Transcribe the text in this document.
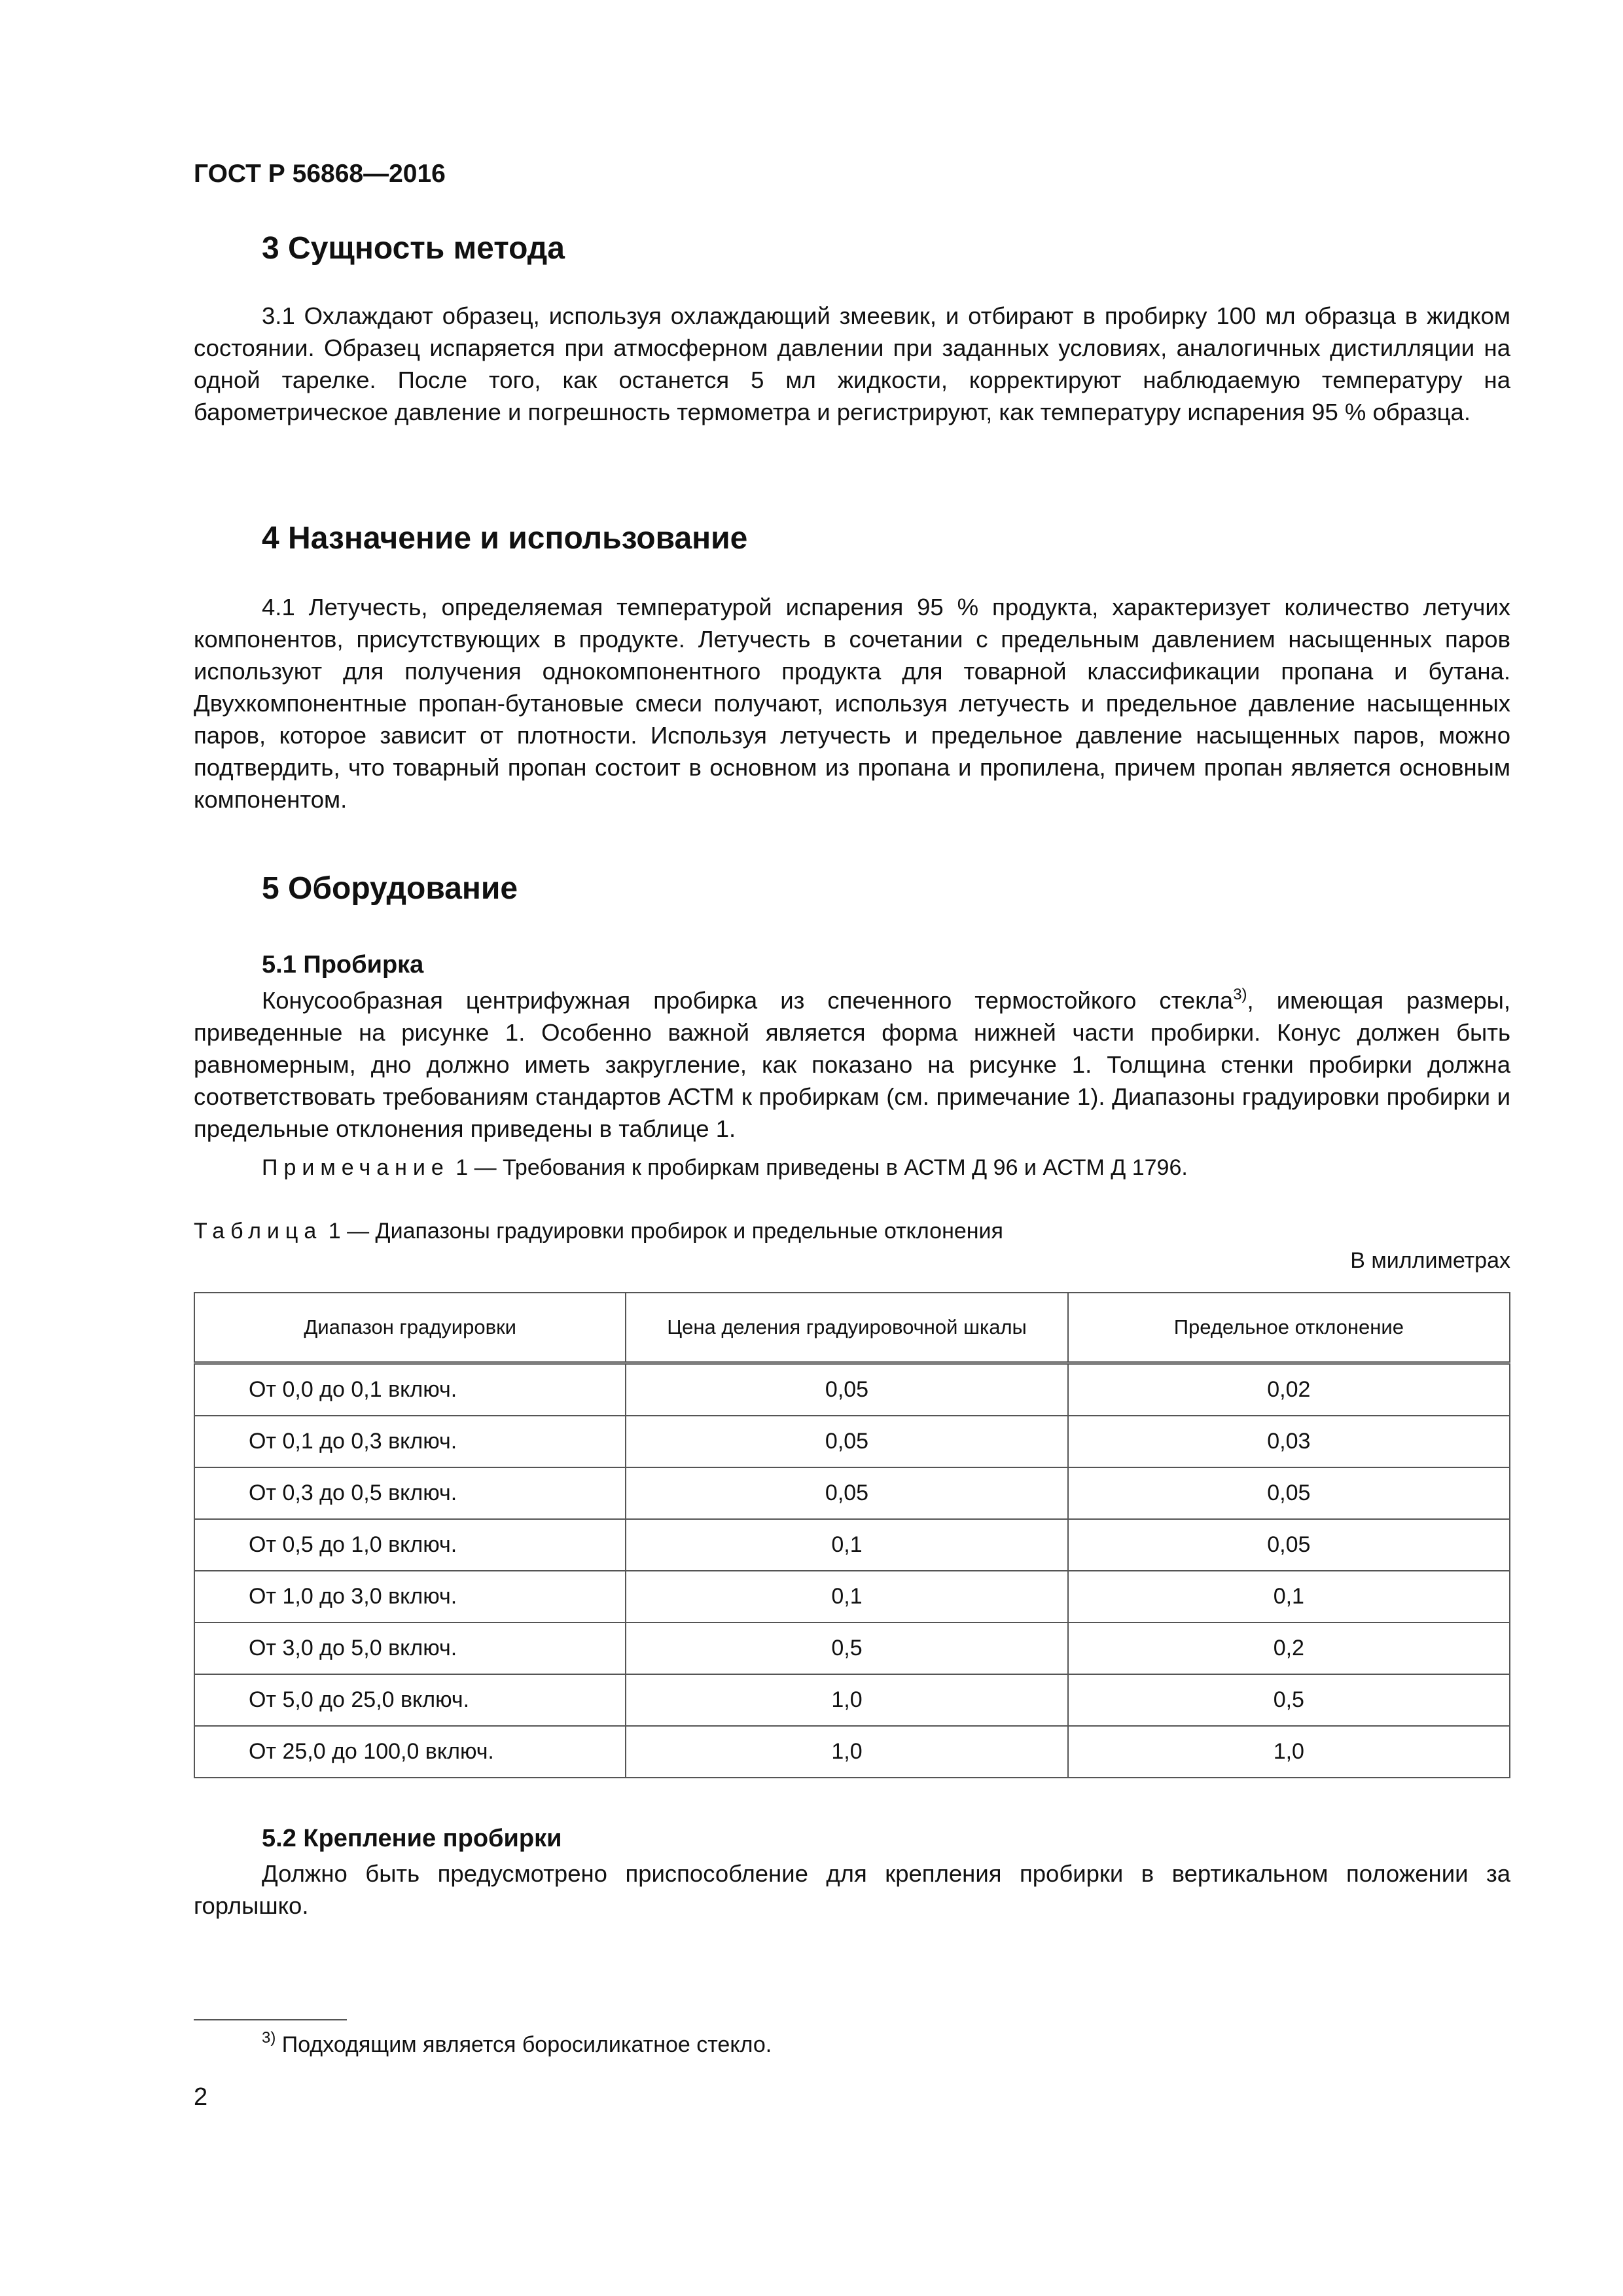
ГОСТ Р 56868—2016
3 Сущность метода

3.1 Охлаждают образец, используя охлаждающий змеевик, и отбирают в пробирку 100 мл образца в жидком состоянии. Образец испаряется при атмосферном давлении при заданных условиях, аналогичных дистилляции на одной тарелке. После того, как останется 5 мл жидкости, корректируют наблюдаемую температуру на барометрическое давление и погрешность термометра и регистрируют, как температуру испарения 95 % образца.

4 Назначение и использование

4.1 Летучесть, определяемая температурой испарения 95 % продукта, характеризует количество летучих компонентов, присутствующих в продукте. Летучесть в сочетании с предельным давлением насыщенных паров используют для получения однокомпонентного продукта для товарной классификации пропана и бутана. Двухкомпонентные пропан-бутановые смеси получают, используя летучесть и предельное давление насыщенных паров, которое зависит от плотности. Используя летучесть и предельное давление насыщенных паров, можно подтвердить, что товарный пропан состоит в основном из пропана и пропилена, причем пропан является основным компонентом.

5 Оборудование
5.1 Пробирка

Конусообразная центрифужная пробирка из спеченного термостойкого стекла$^{3)}$, имеющая размеры, приведенные на рисунке 1. Особенно важной является форма нижней части пробирки. Конус должен быть равномерным, дно должно иметь закругление, как показано на рисунке 1. Толщина стенки пробирки должна соответствовать требованиям стандартов АСТМ к пробиркам (см. примечание 1). Диапазоны градуировки пробирки и предельные отклонения приведены в таблице 1.

Примечание 1 — Требования к пробиркам приведены в АСТМ Д 96 и АСТМ Д 1796.
Таблица 1 — Диапазоны градуировки пробирок и предельные отклонения
В миллиметрах
Диапазон градуировки	Цена деления градуировочной шкалы	Предельное отклонение
От 0,0 до 0,1 включ.	0,05	0,02
От 0,1 до 0,3 включ.	0,05	0,03
От 0,3 до 0,5 включ.	0,05	0,05
От 0,5 до 1,0 включ.	0,1	0,05
От 1,0 до 3,0 включ.	0,1	0,1
От 3,0 до 5,0 включ.	0,5	0,2
От 5,0 до 25,0 включ.	1,0	0,5
От 25,0 до 100,0 включ.	1,0	1,0
5.2 Крепление пробирки

Должно быть предусмотрено приспособление для крепления пробирки в вертикальном положении за горлышко.

$^{3)}$ Подходящим является боросиликатное стекло.
2
